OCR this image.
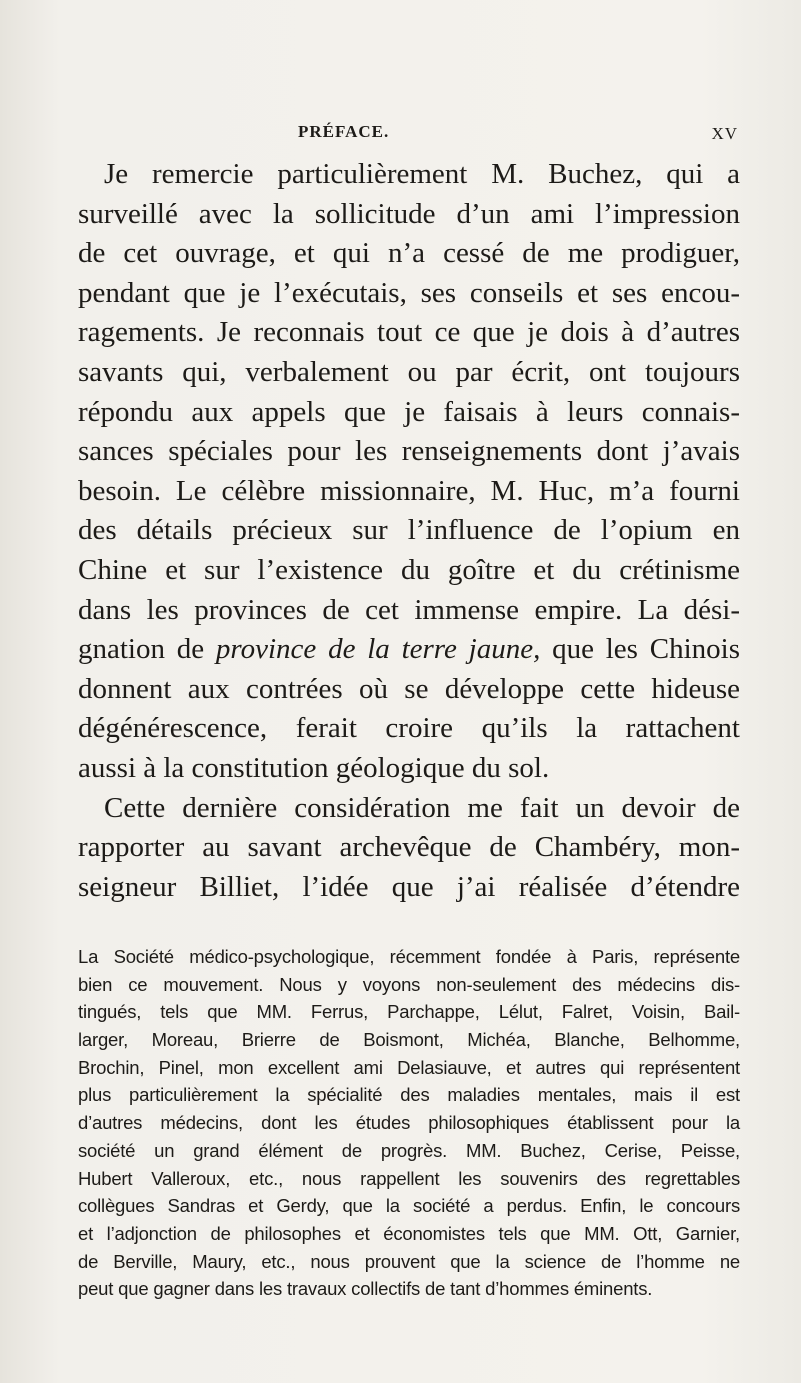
PRÉFACE.	XV
Je remercie particulièrement M. Buchez, qui a
surveillé avec la sollicitude d’un ami l’impression
de cet ouvrage, et qui n’a cessé de me prodiguer,
pendant que je l’exécutais, ses conseils et ses encou-
ragements. Je reconnais tout ce que je dois à d’autres
savants qui, verbalement ou par écrit, ont toujours
répondu aux appels que je faisais à leurs connais-
sances spéciales pour les renseignements dont j’avais
besoin. Le célèbre missionnaire, M. Huc, m’a fourni
des détails précieux sur l’influence de l’opium en
Chine et sur l’existence du goître et du crétinisme
dans les provinces de cet immense empire. La dési-
gnation de province de la terre jaune, que les Chinois
donnent aux contrées où se développe cette hideuse
dégénérescence, ferait croire qu’ils la rattachent
aussi à la constitution géologique du sol.
Cette dernière considération me fait un devoir de
rapporter au savant archevêque de Chambéry, mon-
seigneur Billiet, l’idée que j’ai réalisée d’étendre
La Société médico-psychologique, récemment fondée à Paris, représente
bien ce mouvement. Nous y voyons non-seulement des médecins dis-
tingués, tels que MM. Ferrus, Parchappe, Lélut, Falret, Voisin, Bail-
larger, Moreau, Brierre de Boismont, Michéa, Blanche, Belhomme,
Brochin, Pinel, mon excellent ami Delasiauve, et autres qui représentent
plus particulièrement la spécialité des maladies mentales, mais il est
d’autres médecins, dont les études philosophiques établissent pour la
société un grand élément de progrès. MM. Buchez, Cerise, Peisse,
Hubert Valleroux, etc., nous rappellent les souvenirs des regrettables
collègues Sandras et Gerdy, que la société a perdus. Enfin, le concours
et l’adjonction de philosophes et économistes tels que MM. Ott, Garnier,
de Berville, Maury, etc., nous prouvent que la science de l’homme ne
peut que gagner dans les travaux collectifs de tant d’hommes éminents.
